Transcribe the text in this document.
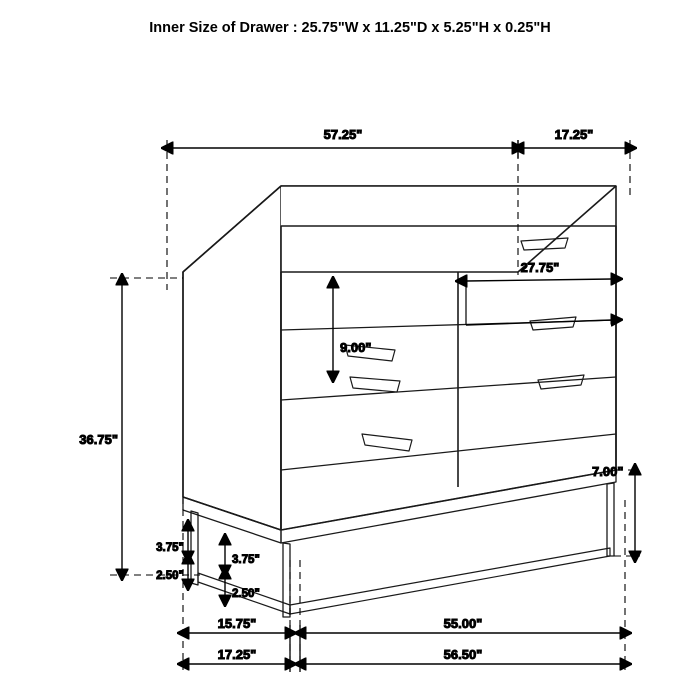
Inner Size of Drawer : 25.75"W x 11.25"D x 5.25"H x 0.25"H
57.25"	17.25"
27.75"
9.00"
36.75"
7.00"
3.75"
2.50"
3.75"
2.50"
15.75"	55.00"
17.25"	56.50"
